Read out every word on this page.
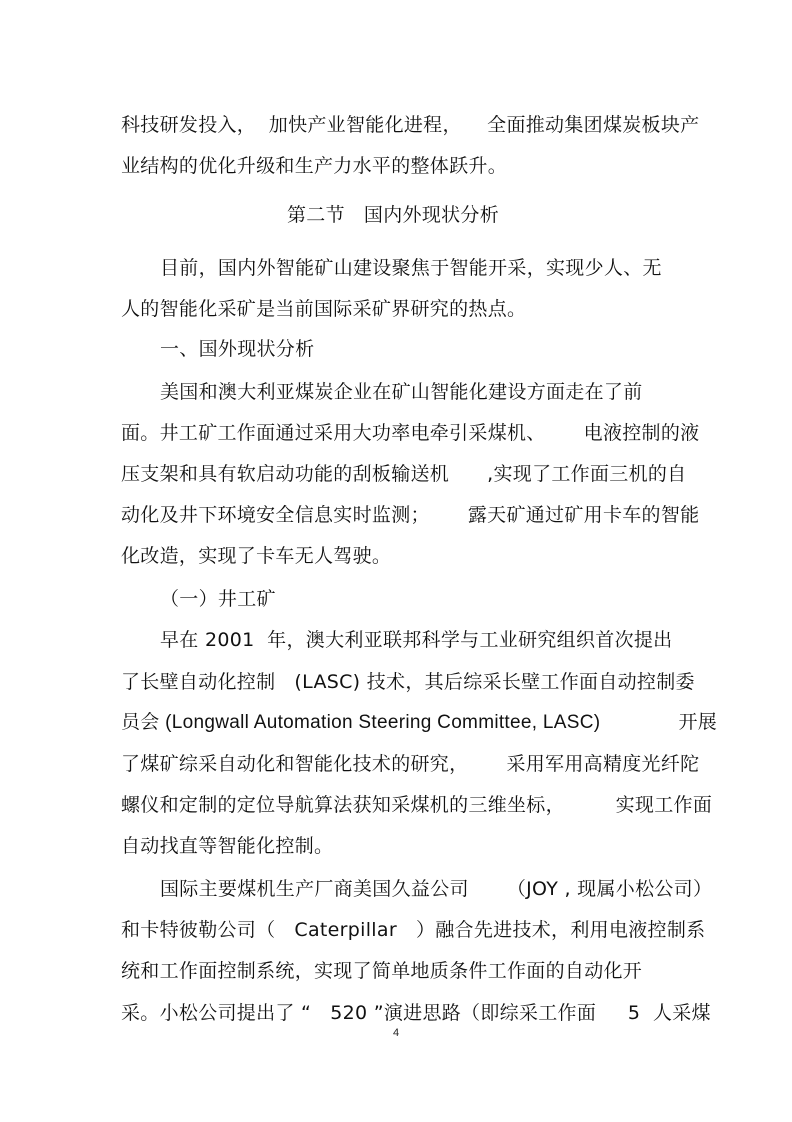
科技研发投入，  加快产业智能化进程，    全面推动集团煤炭板块产
业结构的优化升级和生产力水平的整体跃升。
第二节   国内外现状分析
目前，国内外智能矿山建设聚焦于智能开采，实现少人、无
人的智能化采矿是当前国际采矿界研究的热点。
一、国外现状分析
美国和澳大利亚煤炭企业在矿山智能化建设方面走在了前
面。井工矿工作面通过采用大功率电牵引采煤机、      电液控制的液
压支架和具有软启动功能的刮板输送机      ,实现了工作面三机的自
动化及井下环境安全信息实时监测；      露天矿通过矿用卡车的智能
化改造，实现了卡车无人驾驶。
（一）井工矿
早在 2001  年，澳大利亚联邦科学与工业研究组织首次提出
了长壁自动化控制   (LASC) 技术，其后综采长壁工作面自动控制委
员会 (Longwall Automation Steering Committee, LASC)              开展
了煤矿综采自动化和智能化技术的研究，      采用军用高精度光纤陀
螺仪和定制的定位导航算法获知采煤机的三维坐标，        实现工作面
自动找直等智能化控制。
国际主要煤机生产厂商美国久益公司      （JOY , 现属小松公司）
和卡特彼勒公司（   Caterpillar   ）融合先进技术，利用电液控制系
统和工作面控制系统，实现了简单地质条件工作面的自动化开
采。小松公司提出了 “   520 ”演进思路（即综采工作面     5  人采煤
4
